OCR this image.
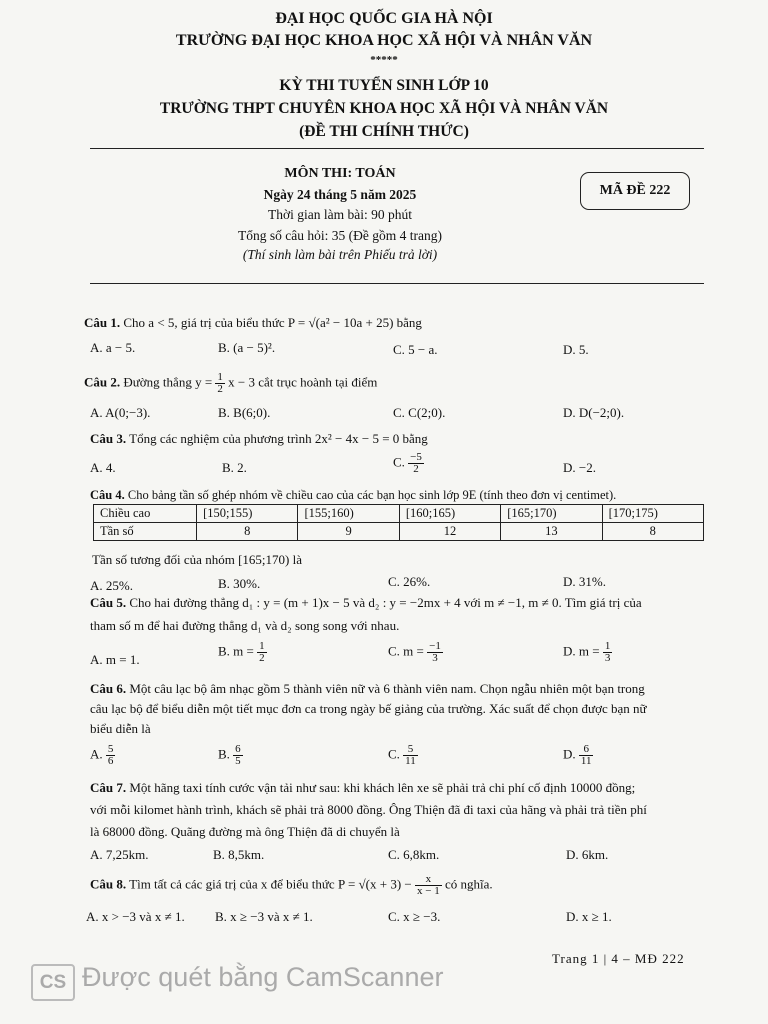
ĐẠI HỌC QUỐC GIA HÀ NỘI
TRƯỜNG ĐẠI HỌC KHOA HỌC XÃ HỘI VÀ NHÂN VĂN
*****
KỲ THI TUYỂN SINH LỚP 10
TRƯỜNG THPT CHUYÊN KHOA HỌC XÃ HỘI VÀ NHÂN VĂN
(ĐỀ THI CHÍNH THỨC)
MÔN THI: TOÁN
Ngày 24 tháng 5 năm 2025
Thời gian làm bài: 90 phút
Tổng số câu hỏi: 35 (Đề gồm 4 trang)
(Thí sinh làm bài trên Phiếu trả lời)
MÃ ĐỀ 222
Câu 1. Cho a < 5, giá trị của biểu thức P = √(a² − 10a + 25) bằng
A. a − 5.	B. (a − 5)².	C. 5 − a.	D. 5.
Câu 2. Đường thẳng $y = \frac{1}{2}$ x − 3 cắt trục hoành tại điểm
A. A(0;−3).	B. B(6;0).	C. C(2;0).	D. D(−2;0).
Câu 3. Tổng các nghiệm của phương trình 2x² − 4x − 5 = 0 bằng
A. 4.	B. 2.	C. $\frac{-5}{2}$	D. −2.
Câu 4. Cho bảng tần số ghép nhóm về chiều cao của các bạn học sinh lớp 9E (tính theo đơn vị centimet).
Chiều cao	[150;155)	[155;160)	[160;165)	[165;170)	[170;175)
Tần số	8	9	12	13	8
Tần số tương đối của nhóm [165;170) là
A. 25%.	B. 30%.	C. 26%.	D. 31%.
Câu 5. Cho hai đường thẳng d₁ : y = (m + 1)x − 5 và d₂ : y = −2mx + 4 với m ≠ −1, m ≠ 0. Tìm giá trị của
tham số m để hai đường thẳng d₁ và d₂ song song với nhau.
A. m = 1.
B. $m = \frac{1}{2}$	C. $m = \frac{-1}{3}$	D. $m = \frac{1}{3}$
Câu 6. Một câu lạc bộ âm nhạc gồm 5 thành viên nữ và 6 thành viên nam. Chọn ngẫu nhiên một bạn trong
câu lạc bộ để biểu diễn một tiết mục đơn ca trong ngày bế giảng của trường. Xác suất để chọn được bạn nữ
biểu diễn là
A. $\frac{5}{6}$	B. $\frac{6}{5}$	C. $\frac{5}{11}$	D. $\frac{6}{11}$
Câu 7. Một hãng taxi tính cước vận tải như sau: khi khách lên xe sẽ phải trả chi phí cố định 10000 đồng;
với mỗi kilomet hành trình, khách sẽ phải trả 8000 đồng. Ông Thiện đã đi taxi của hãng và phải trả tiền phí
là 68000 đồng. Quãng đường mà ông Thiện đã di chuyển là
A. 7,25km.	B. 8,5km.	C. 6,8km.	D. 6km.
Câu 8. Tìm tất cả các giá trị của x để biểu thức $P = √(x + 3) - \frac{x}{x - 1}$ có nghĩa.
A. x > −3 và x ≠ 1. B. x ≥ −3 và x ≠ 1.	C. x ≥ −3.	D. x ≥ 1.
Trang 1 | 4 – MĐ 222
CS Được quét bằng CamScanner
